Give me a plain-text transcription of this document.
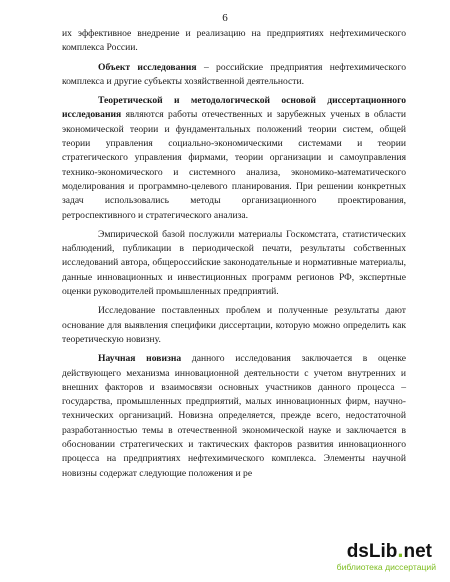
6

их эффективное внедрение и реализацию на предприятиях нефтехимического комплекса России.

Объект исследования – российские предприятия нефтехимического комплекса и другие субъекты хозяйственной деятельности.

Теоретической и методологической основой диссертационного исследования являются работы отечественных и зарубежных ученых в области экономической теории и фундаментальных положений теории систем, общей теории управления социально-экономическими системами и теории стратегического управления фирмами, теории организации и самоуправления технико-экономического и системного анализа, экономико-математического моделирования и программно-целевого планирования. При решении конкретных задач использовались методы организационного проектирования, ретроспективного и стратегического анализа.

Эмпирической базой послужили материалы Госкомстата, статистических наблюдений, публикации в периодической печати, результаты собственных исследований автора, общероссийские законодательные и нормативные материалы, данные инновационных и инвестиционных программ регионов РФ, экспертные оценки руководителей промышленных предприятий.

Исследование поставленных проблем и полученные результаты дают основание для выявления специфики диссертации, которую можно определить как теоретическую новизну.

Научная новизна данного исследования заключается в оценке действующего механизма инновационной деятельности с учетом внутренних и внешних факторов и взаимосвязи основных участников данного процесса – государства, промышленных предприятий, малых инновационных фирм, научно-технических организаций. Новизна определяется, прежде всего, недостаточной разработанностью темы в отечественной экономической науке и заключается в обосновании стратегических и тактических факторов развития инновационного процесса на предприятиях нефтехимического комплекса. Элементы научной новизны содержат следующие положения и ре

dsLib.net
библиотека диссертаций
